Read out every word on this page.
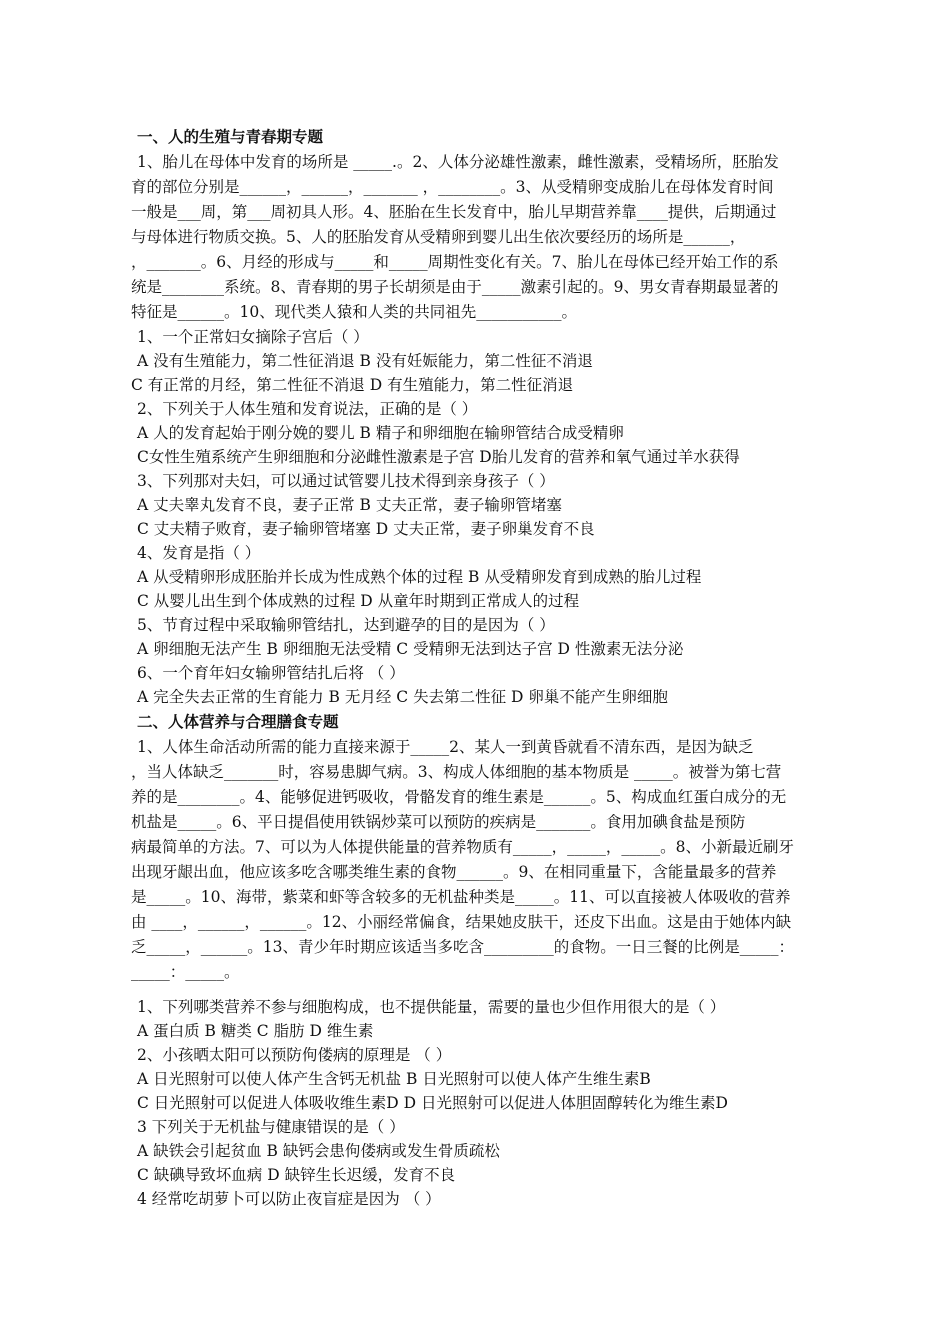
一、人的生殖与青春期专题
1、胎儿在母体中发育的场所是 _____.。2、人体分泌雄性激素，雌性激素，受精场所，胚胎发
育的部位分别是______，______，_______ ，________。3、从受精卵变成胎儿在母体发育时间
一般是___周，第___周初具人形。4、胚胎在生长发育中，胎儿早期营养靠____提供，后期通过
与母体进行物质交换。5、人的胚胎发育从受精卵到婴儿出生依次要经历的场所是______，
，_______。6、月经的形成与_____和_____周期性变化有关。7、胎儿在母体已经开始工作的系
统是________系统。8、青春期的男子长胡须是由于_____激素引起的。9、男女青春期最显著的
特征是______。10、现代类人猿和人类的共同祖先___________。
1、一个正常妇女摘除子宫后（ ）
A 没有生殖能力，第二性征消退 B 没有妊娠能力，第二性征不消退
C 有正常的月经，第二性征不消退 D 有生殖能力，第二性征消退
2、下列关于人体生殖和发育说法，正确的是（ ）
A 人的发育起始于刚分娩的婴儿 B 精子和卵细胞在输卵管结合成受精卵
C女性生殖系统产生卵细胞和分泌雌性激素是子宫 D胎儿发育的营养和氧气通过羊水获得
3、下列那对夫妇，可以通过试管婴儿技术得到亲身孩子（ ）
A 丈夫睾丸发育不良，妻子正常 B 丈夫正常，妻子输卵管堵塞
C 丈夫精子败育，妻子输卵管堵塞 D 丈夫正常，妻子卵巢发育不良
4、发育是指（ ）
A 从受精卵形成胚胎并长成为性成熟个体的过程 B 从受精卵发育到成熟的胎儿过程
C 从婴儿出生到个体成熟的过程 D 从童年时期到正常成人的过程
5、节育过程中采取输卵管结扎，达到避孕的目的是因为（ ）
A 卵细胞无法产生 B 卵细胞无法受精 C 受精卵无法到达子宫 D 性激素无法分泌
6、一个育年妇女输卵管结扎后将 （ ）
A 完全失去正常的生育能力 B 无月经 C 失去第二性征 D 卵巢不能产生卵细胞
二、人体营养与合理膳食专题
1、人体生命活动所需的能力直接来源于_____2、某人一到黄昏就看不清东西，是因为缺乏
，当人体缺乏_______时，容易患脚气病。3、构成人体细胞的基本物质是 _____。被誉为第七营
养的是________。4、能够促进钙吸收，骨骼发育的维生素是______。5、构成血红蛋白成分的无
机盐是_____。6、平日提倡使用铁锅炒菜可以预防的疾病是_______。食用加碘食盐是预防
病最简单的方法。7、可以为人体提供能量的营养物质有_____，_____，_____。8、小新最近刷牙
出现牙龈出血，他应该多吃含哪类维生素的食物______。9、在相同重量下，含能量最多的营养
是_____。10、海带，紫菜和虾等含较多的无机盐种类是_____。11、可以直接被人体吸收的营养
由 ____，______，______。12、小丽经常偏食，结果她皮肤干，还皮下出血。这是由于她体内缺
乏_____，______。13、青少年时期应该适当多吃含_________的食物。一日三餐的比例是_____：
_____：_____。
1、下列哪类营养不参与细胞构成，也不提供能量，需要的量也少但作用很大的是（ ）
A 蛋白质 B 糖类 C 脂肪 D 维生素
2、小孩晒太阳可以预防佝偻病的原理是 （ ）
A 日光照射可以使人体产生含钙无机盐 B 日光照射可以使人体产生维生素B
C 日光照射可以促进人体吸收维生素D D 日光照射可以促进人体胆固醇转化为维生素D
3 下列关于无机盐与健康错误的是（ ）
A 缺铁会引起贫血 B 缺钙会患佝偻病或发生骨质疏松
C 缺碘导致坏血病 D 缺锌生长迟缓，发育不良
4 经常吃胡萝卜可以防止夜盲症是因为 （ ）
